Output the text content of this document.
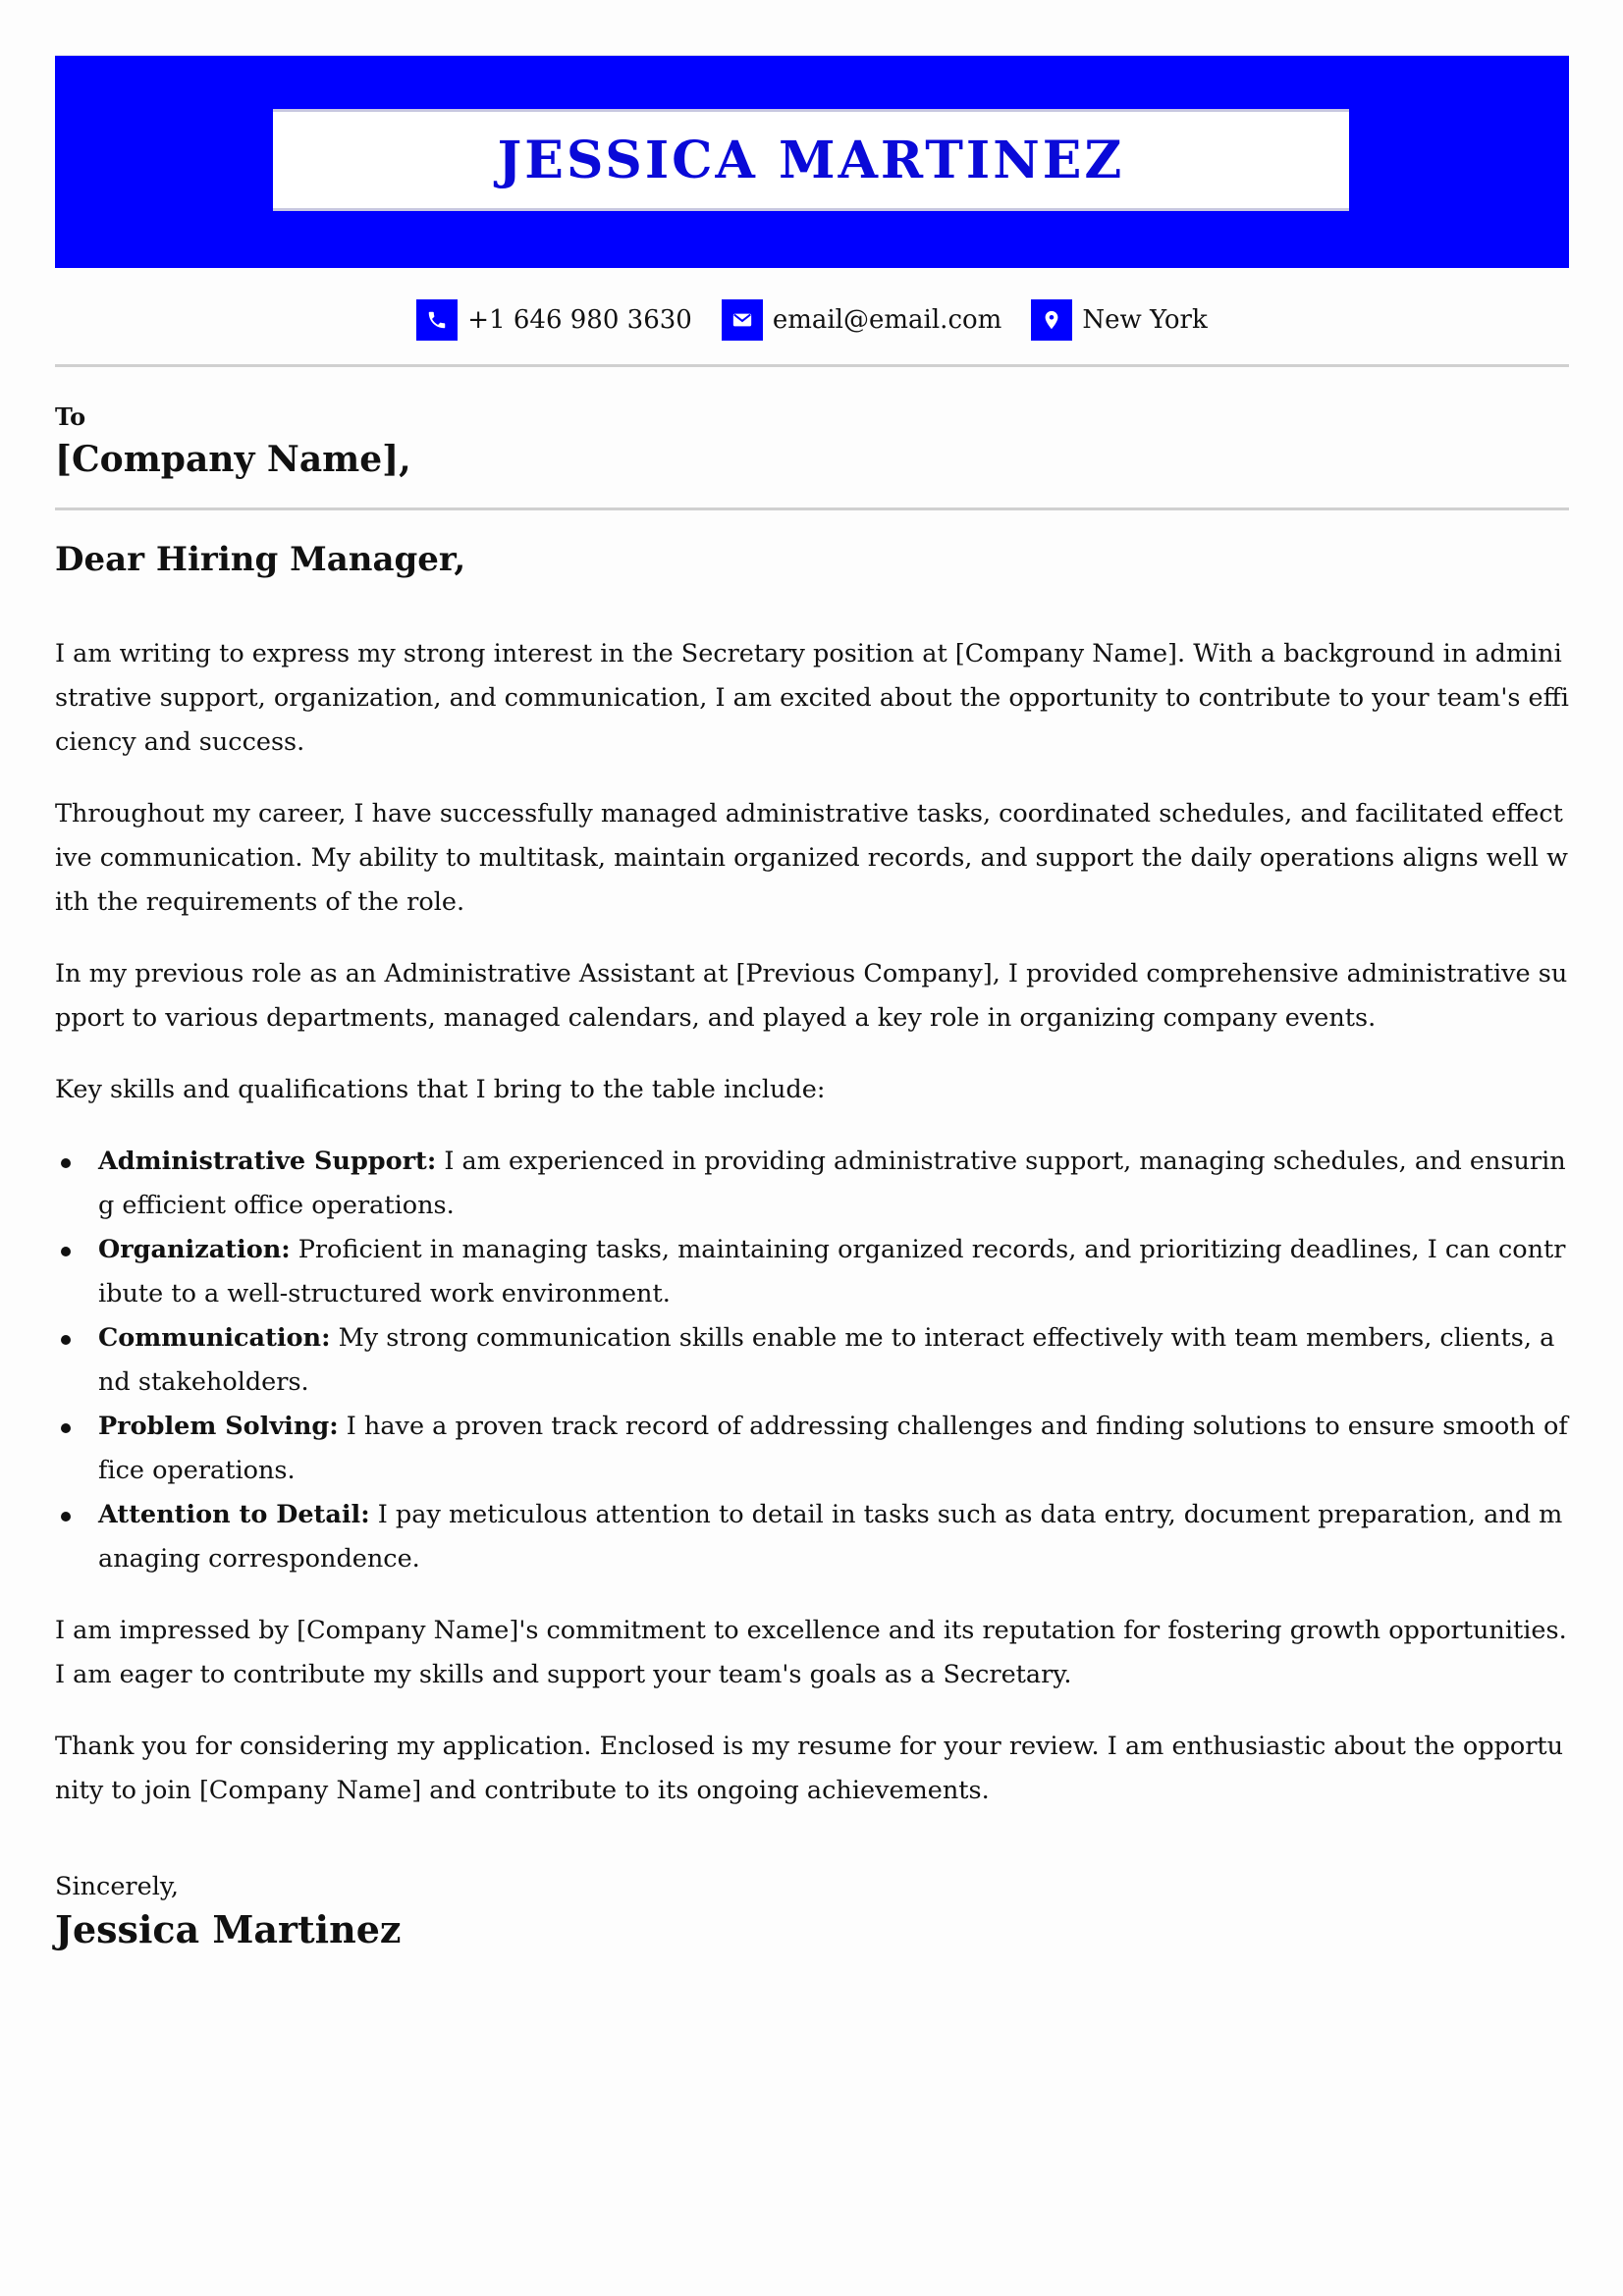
JESSICA MARTINEZ
+1 646 980 3630	email@email.com	New York
To
[Company Name],
Dear Hiring Manager,

I am writing to express my strong interest in the Secretary position at [Company Name]. With a background in administrative support, organization, and communication, I am excited about the opportunity to contribute to your team's efficiency and success.

Throughout my career, I have successfully managed administrative tasks, coordinated schedules, and facilitated effective communication. My ability to multitask, maintain organized records, and support the daily operations aligns well with the requirements of the role.

In my previous role as an Administrative Assistant at [Previous Company], I provided comprehensive administrative support to various departments, managed calendars, and played a key role in organizing company events.

Key skills and qualifications that I bring to the table include:

Administrative Support: I am experienced in providing administrative support, managing schedules, and ensuring efficient office operations.
Organization: Proficient in managing tasks, maintaining organized records, and prioritizing deadlines, I can contribute to a well-structured work environment.
Communication: My strong communication skills enable me to interact effectively with team members, clients, and stakeholders.
Problem Solving: I have a proven track record of addressing challenges and finding solutions to ensure smooth office operations.
Attention to Detail: I pay meticulous attention to detail in tasks such as data entry, document preparation, and managing correspondence.

I am impressed by [Company Name]'s commitment to excellence and its reputation for fostering growth opportunities. I am eager to contribute my skills and support your team's goals as a Secretary.

Thank you for considering my application. Enclosed is my resume for your review. I am enthusiastic about the opportunity to join [Company Name] and contribute to its ongoing achievements.

Sincerely,
Jessica Martinez
